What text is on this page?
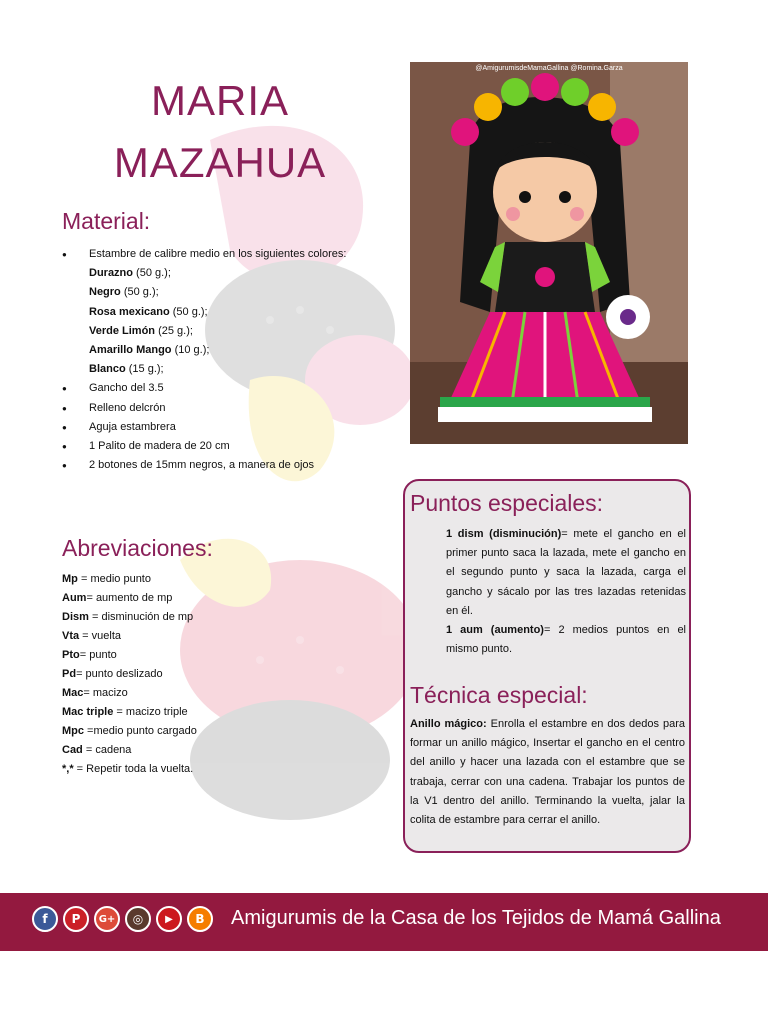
MARIA
MAZAHUA
Material:
● Estambre de calibre medio en los siguientes colores:
Durazno (50 g.);
Negro (50 g.);
Rosa mexicano (50 g.);
Verde Limón (25 g.);
Amarillo Mango (10 g.);
Blanco (15 g.);
● Gancho del 3.5
● Relleno delcrón
● Aguja estambrera
● 1 Palito de madera de 20 cm
● 2 botones de 15mm negros, a manera de ojos
Abreviaciones:
Mp = medio punto
Aum= aumento de mp
Dism = disminución de mp
Vta = vuelta
Pto= punto
Pd= punto deslizado
Mac= macizo
Mac triple = macizo triple
Mpc =medio punto cargado
Cad = cadena
*,* = Repetir toda la vuelta.
@AmigurumisdeMamaGallina @Romina.Garza
Puntos especiales:

1 dism (disminución)= mete el gancho en el primer punto saca la lazada, mete el gancho en el segundo punto y saca la lazada, carga el gancho y sácalo por las tres lazadas retenidas en él.

1 aum (aumento)= 2 medios puntos en el mismo punto.

Técnica especial:

Anillo mágico: Enrolla el estambre en dos dedos para formar un anillo mágico, Insertar el gancho en el centro del anillo y hacer una lazada con el estambre que se trabaja, cerrar con una cadena. Trabajar los puntos de la V1 dentro del anillo. Terminando la vuelta, jalar la colita de estambre para cerrar el anillo.

f	P	G+	◎	▶	B	Amigurumis de la Casa de los Tejidos de Mamá Gallina
